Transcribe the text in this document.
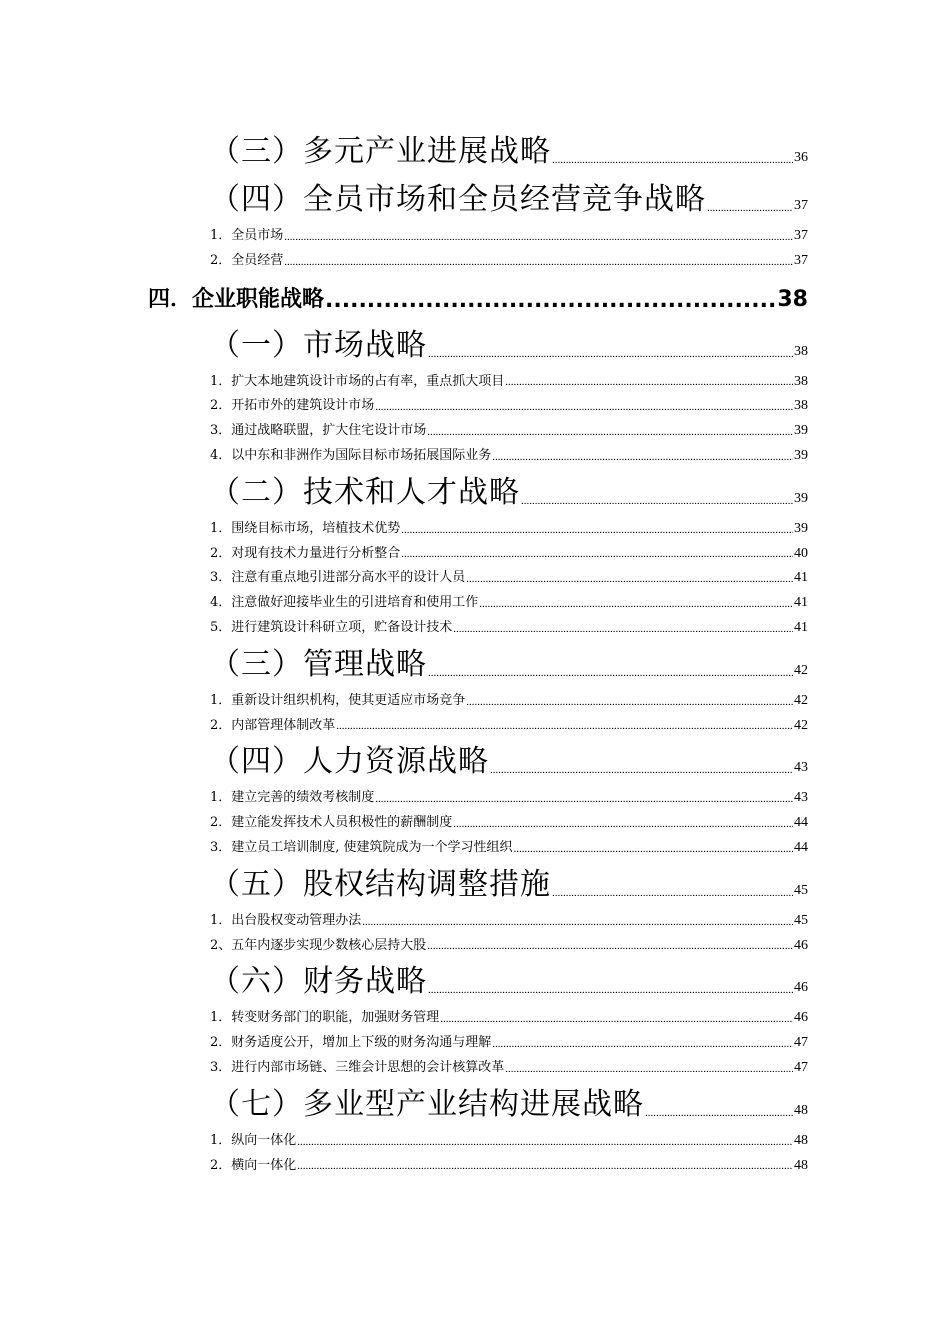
（三）多元产业进展战略 .....	36
（四）全员市场和全员经营竞争战略 .....	37
1．全员市场 .....	37
2．全员经营 .....	37
四．企业职能战略 .....	38
（一）市场战略 .....	38
1．扩大本地建筑设计市场的占有率，重点抓大项目 .....	38
2．开拓市外的建筑设计市场 .....	38
3．通过战略联盟，扩大住宅设计市场 .....	39
4．以中东和非洲作为国际目标市场拓展国际业务 .....	39
（二）技术和人才战略 .....	39
1．围绕目标市场，培植技术优势 .....	39
2．对现有技术力量进行分析整合 .....	40
3．注意有重点地引进部分高水平的设计人员 .....	41
4．注意做好迎接毕业生的引进培育和使用工作 .....	41
5．进行建筑设计科研立项，贮备设计技术 .....	41
（三）管理战略 .....	42
1．重新设计组织机构，使其更适应市场竞争 .....	42
2．内部管理体制改革 .....	42
（四）人力资源战略 .....	43
1．建立完善的绩效考核制度 .....	43
2．建立能发挥技术人员积极性的薪酬制度 .....	44
3．建立员工培训制度, 使建筑院成为一个学习性组织 .....	44
（五）股权结构调整措施 .....	45
1．出台股权变动管理办法 .....	45
2、五年内逐步实现少数核心层持大股 .....	46
（六）财务战略 .....	46
1．转变财务部门的职能，加强财务管理 .....	46
2．财务适度公开，增加上下级的财务沟通与理解 .....	47
3．进行内部市场链、三维会计思想的会计核算改革 .....	47
（七）多业型产业结构进展战略 .....	48
1．纵向一体化 .....	48
2．横向一体化 .....	48
